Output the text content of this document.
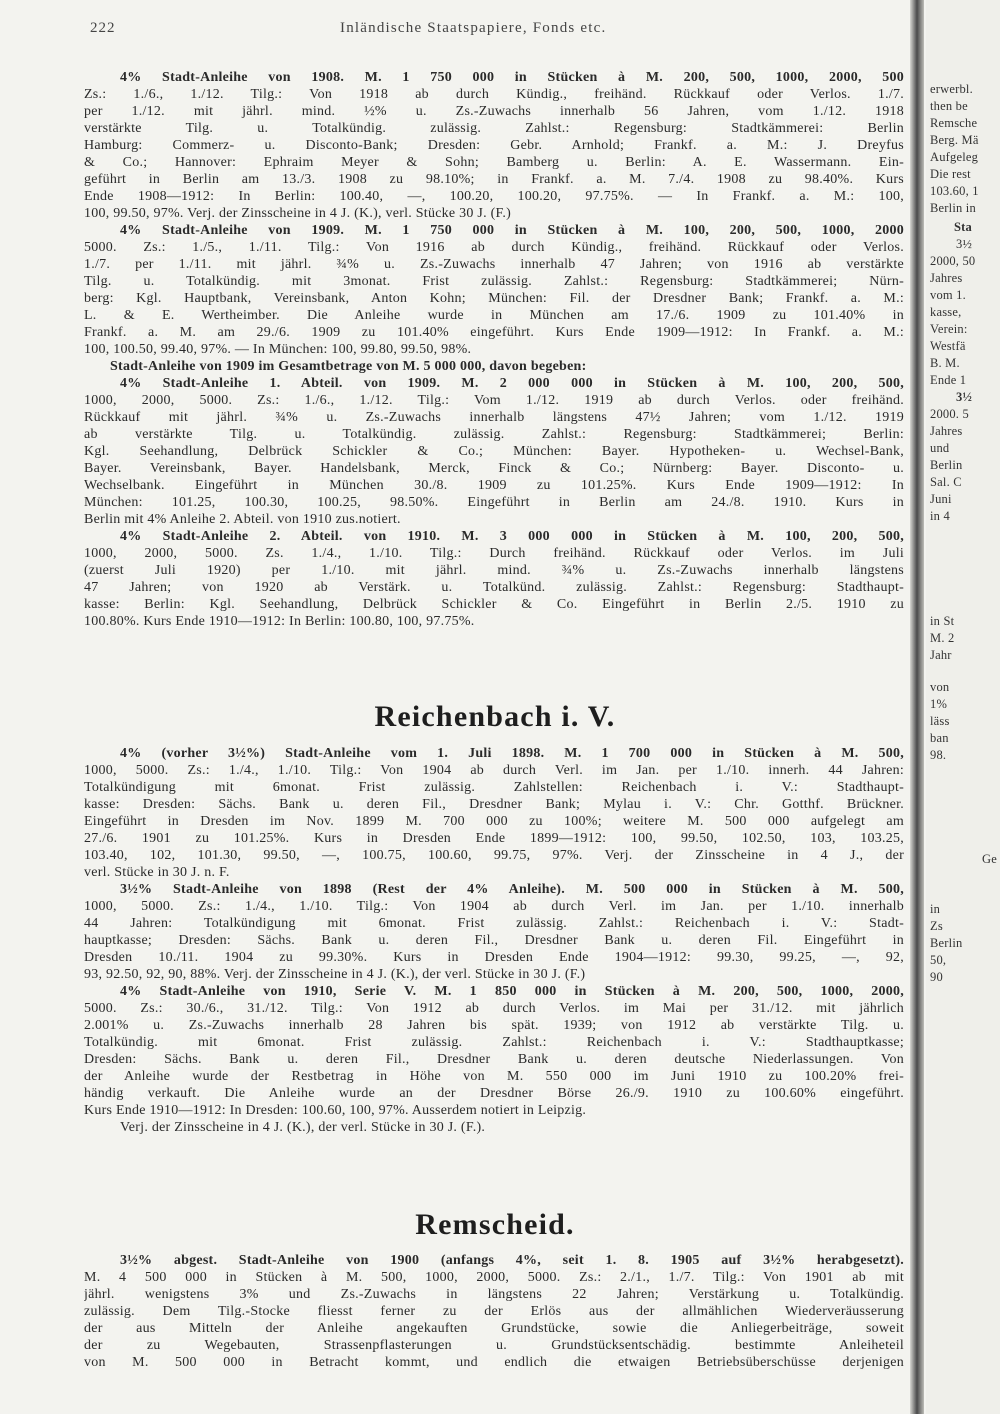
222	Inländische Staatspapiere, Fonds etc.
4% Stadt-Anleihe von 1908. M. 1 750 000 in Stücken à M. 200, 500, 1000, 2000, 500
Zs.: 1./6., 1./12. Tilg.: Von 1918 ab durch Kündig., freihänd. Rückkauf oder Verlos. 1./7.
per 1./12. mit jährl. mind. ½% u. Zs.-Zuwachs innerhalb 56 Jahren, vom 1./12. 1918
verstärkte Tilg. u. Totalkündig. zulässig. Zahlst.: Regensburg: Stadtkämmerei: Berlin
Hamburg: Commerz- u. Disconto-Bank; Dresden: Gebr. Arnhold; Frankf. a. M.: J. Dreyfus
& Co.; Hannover: Ephraim Meyer & Sohn; Bamberg u. Berlin: A. E. Wassermann. Ein-
geführt in Berlin am 13./3. 1908 zu 98.10%; in Frankf. a. M. 7./4. 1908 zu 98.40%. Kurs
Ende 1908—1912: In Berlin: 100.40, —, 100.20, 100.20, 97.75%. — In Frankf. a. M.: 100,
100, 99.50, 97%. Verj. der Zinsscheine in 4 J. (K.), verl. Stücke 30 J. (F.)
4% Stadt-Anleihe von 1909. M. 1 750 000 in Stücken à M. 100, 200, 500, 1000, 2000
5000. Zs.: 1./5., 1./11. Tilg.: Von 1916 ab durch Kündig., freihänd. Rückkauf oder Verlos.
1./7. per 1./11. mit jährl. ¾% u. Zs.-Zuwachs innerhalb 47 Jahren; von 1916 ab verstärkte
Tilg. u. Totalkündig. mit 3monat. Frist zulässig. Zahlst.: Regensburg: Stadtkämmerei; Nürn-
berg: Kgl. Hauptbank, Vereinsbank, Anton Kohn; München: Fil. der Dresdner Bank; Frankf. a. M.:
L. & E. Wertheimber. Die Anleihe wurde in München am 17./6. 1909 zu 101.40% in
Frankf. a. M. am 29./6. 1909 zu 101.40% eingeführt. Kurs Ende 1909—1912: In Frankf. a. M.:
100, 100.50, 99.40, 97%. — In München: 100, 99.80, 99.50, 98%.
Stadt-Anleihe von 1909 im Gesamtbetrage von M. 5 000 000, davon begeben:
4% Stadt-Anleihe 1. Abteil. von 1909. M. 2 000 000 in Stücken à M. 100, 200, 500,
1000, 2000, 5000. Zs.: 1./6., 1./12. Tilg.: Vom 1./12. 1919 ab durch Verlos. oder freihänd.
Rückkauf mit jährl. ¾% u. Zs.-Zuwachs innerhalb längstens 47½ Jahren; vom 1./12. 1919
ab verstärkte Tilg. u. Totalkündig. zulässig. Zahlst.: Regensburg: Stadtkämmerei; Berlin:
Kgl. Seehandlung, Delbrück Schickler & Co.; München: Bayer. Hypotheken- u. Wechsel-Bank,
Bayer. Vereinsbank, Bayer. Handelsbank, Merck, Finck & Co.; Nürnberg: Bayer. Disconto- u.
Wechselbank. Eingeführt in München 30./8. 1909 zu 101.25%. Kurs Ende 1909—1912: In
München: 101.25, 100.30, 100.25, 98.50%. Eingeführt in Berlin am 24./8. 1910. Kurs in
Berlin mit 4% Anleihe 2. Abteil. von 1910 zus.notiert.
4% Stadt-Anleihe 2. Abteil. von 1910. M. 3 000 000 in Stücken à M. 100, 200, 500,
1000, 2000, 5000. Zs. 1./4., 1./10. Tilg.: Durch freihänd. Rückkauf oder Verlos. im Juli
(zuerst Juli 1920) per 1./10. mit jährl. mind. ¾% u. Zs.-Zuwachs innerhalb längstens
47 Jahren; von 1920 ab Verstärk. u. Totalkünd. zulässig. Zahlst.: Regensburg: Stadthaupt-
kasse: Berlin: Kgl. Seehandlung, Delbrück Schickler & Co. Eingeführt in Berlin 2./5. 1910 zu
100.80%. Kurs Ende 1910—1912: In Berlin: 100.80, 100, 97.75%.
Reichenbach i. V.
4% (vorher 3½%) Stadt-Anleihe vom 1. Juli 1898. M. 1 700 000 in Stücken à M. 500,
1000, 5000. Zs.: 1./4., 1./10. Tilg.: Von 1904 ab durch Verl. im Jan. per 1./10. innerh. 44 Jahren:
Totalkündigung mit 6monat. Frist zulässig. Zahlstellen: Reichenbach i. V.: Stadthaupt-
kasse: Dresden: Sächs. Bank u. deren Fil., Dresdner Bank; Mylau i. V.: Chr. Gotthf. Brückner.
Eingeführt in Dresden im Nov. 1899 M. 700 000 zu 100%; weitere M. 500 000 aufgelegt am
27./6. 1901 zu 101.25%. Kurs in Dresden Ende 1899—1912: 100, 99.50, 102.50, 103, 103.25,
103.40, 102, 101.30, 99.50, —, 100.75, 100.60, 99.75, 97%. Verj. der Zinsscheine in 4 J., der
verl. Stücke in 30 J. n. F.
3½% Stadt-Anleihe von 1898 (Rest der 4% Anleihe). M. 500 000 in Stücken à M. 500,
1000, 5000. Zs.: 1./4., 1./10. Tilg.: Von 1904 ab durch Verl. im Jan. per 1./10. innerhalb
44 Jahren: Totalkündigung mit 6monat. Frist zulässig. Zahlst.: Reichenbach i. V.: Stadt-
hauptkasse; Dresden: Sächs. Bank u. deren Fil., Dresdner Bank u. deren Fil. Eingeführt in
Dresden 10./11. 1904 zu 99.30%. Kurs in Dresden Ende 1904—1912: 99.30, 99.25, —, 92,
93, 92.50, 92, 90, 88%. Verj. der Zinsscheine in 4 J. (K.), der verl. Stücke in 30 J. (F.)
4% Stadt-Anleihe von 1910, Serie V. M. 1 850 000 in Stücken à M. 200, 500, 1000, 2000,
5000. Zs.: 30./6., 31./12. Tilg.: Von 1912 ab durch Verlos. im Mai per 31./12. mit jährlich
2.001% u. Zs.-Zuwachs innerhalb 28 Jahren bis spät. 1939; von 1912 ab verstärkte Tilg. u.
Totalkündig. mit 6monat. Frist zulässig. Zahlst.: Reichenbach i. V.: Stadthauptkasse;
Dresden: Sächs. Bank u. deren Fil., Dresdner Bank u. deren deutsche Niederlassungen. Von
der Anleihe wurde der Restbetrag in Höhe von M. 550 000 im Juni 1910 zu 100.20% frei-
händig verkauft. Die Anleihe wurde an der Dresdner Börse 26./9. 1910 zu 100.60% eingeführt.
Kurs Ende 1910—1912: In Dresden: 100.60, 100, 97%. Ausserdem notiert in Leipzig.
Verj. der Zinsscheine in 4 J. (K.), der verl. Stücke in 30 J. (F.).
Remscheid.
3½% abgest. Stadt-Anleihe von 1900 (anfangs 4%, seit 1. 8. 1905 auf 3½% herabgesetzt).
M. 4 500 000 in Stücken à M. 500, 1000, 2000, 5000. Zs.: 2./1., 1./7. Tilg.: Von 1901 ab mit
jährl. wenigstens 3% und Zs.-Zuwachs in längstens 22 Jahren; Verstärkung u. Totalkündig.
zulässig. Dem Tilg.-Stocke fliesst ferner zu der Erlös aus der allmählichen Wiederveräusserung
der aus Mitteln der Anleihe angekauften Grundstücke, sowie die Anliegerbeiträge, soweit
der zu Wegebauten, Strassenpflasterungen u. Grundstücksentschädig. bestimmte Anleiheteil
von M. 500 000 in Betracht kommt, und endlich die etwaigen Betriebsüberschüsse derjenigen
erwerbl.
then be
Remsche
Berg. Mä
Aufgeleg
Die rest
103.60, 1
Berlin in
Sta
3½
2000, 50
Jahres
vom 1.
kasse,
Verein:
Westfä
B. M.
Ende 1
3½
2000. 5
Jahres
und
Berlin
Sal. C
Juni
in 4
in St
M. 2
Jahr
von
1%
läss
ban
98.
Ge
in
Zs
Berlin
50,
90
